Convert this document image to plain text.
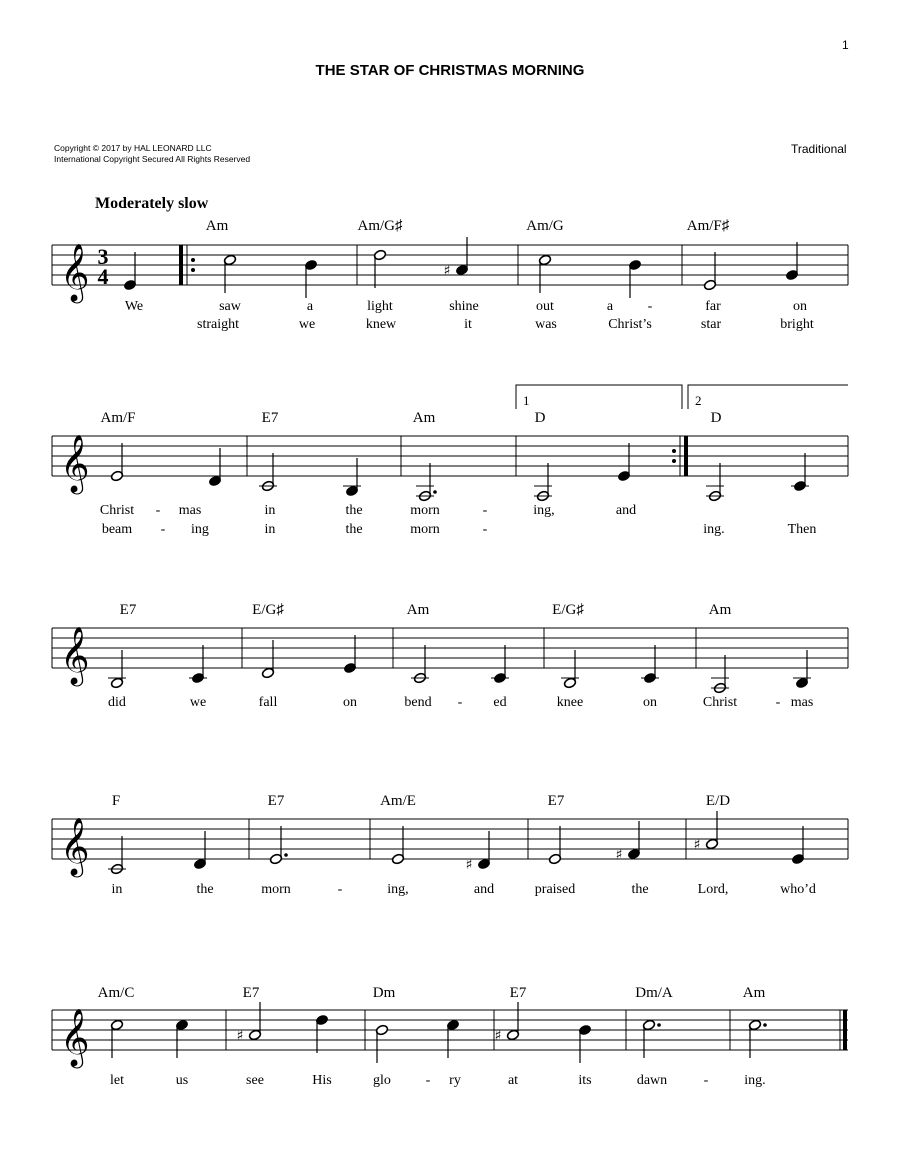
1
THE STAR OF CHRISTMAS MORNING
Copyright © 2017 by HAL LEONARD LLC
International Copyright Secured All Rights Reserved
Traditional
Moderately slow
𝄞 3
4	♯
Am	Am/G♯	Am/G	Am/F♯
We	saw	a	light	shine	out	a -	far	on
straight	we	knew	it	was	Christ’s	star	bright
𝄞
1	2
Am/F	E7	Am	D	D
Christ - mas	in	the	morn	-	ing,	and
beam - ing	in	the	morn	-	ing.	Then
𝄞
E7	E/G♯	Am	E/G♯	Am
did	we	fall	on	bend - ed	knee	on	Christ	- mas
𝄞	♯
♯
♯
F	E7	Am/E	E7	E/D
in	the	morn	-	ing,	and	praised	the	Lord,	who’d
𝄞	♯	♯
Am/C	E7	Dm	E7	Dm/A	Am
let	us	see	His	glo - ry	at	its	dawn	-	ing.
